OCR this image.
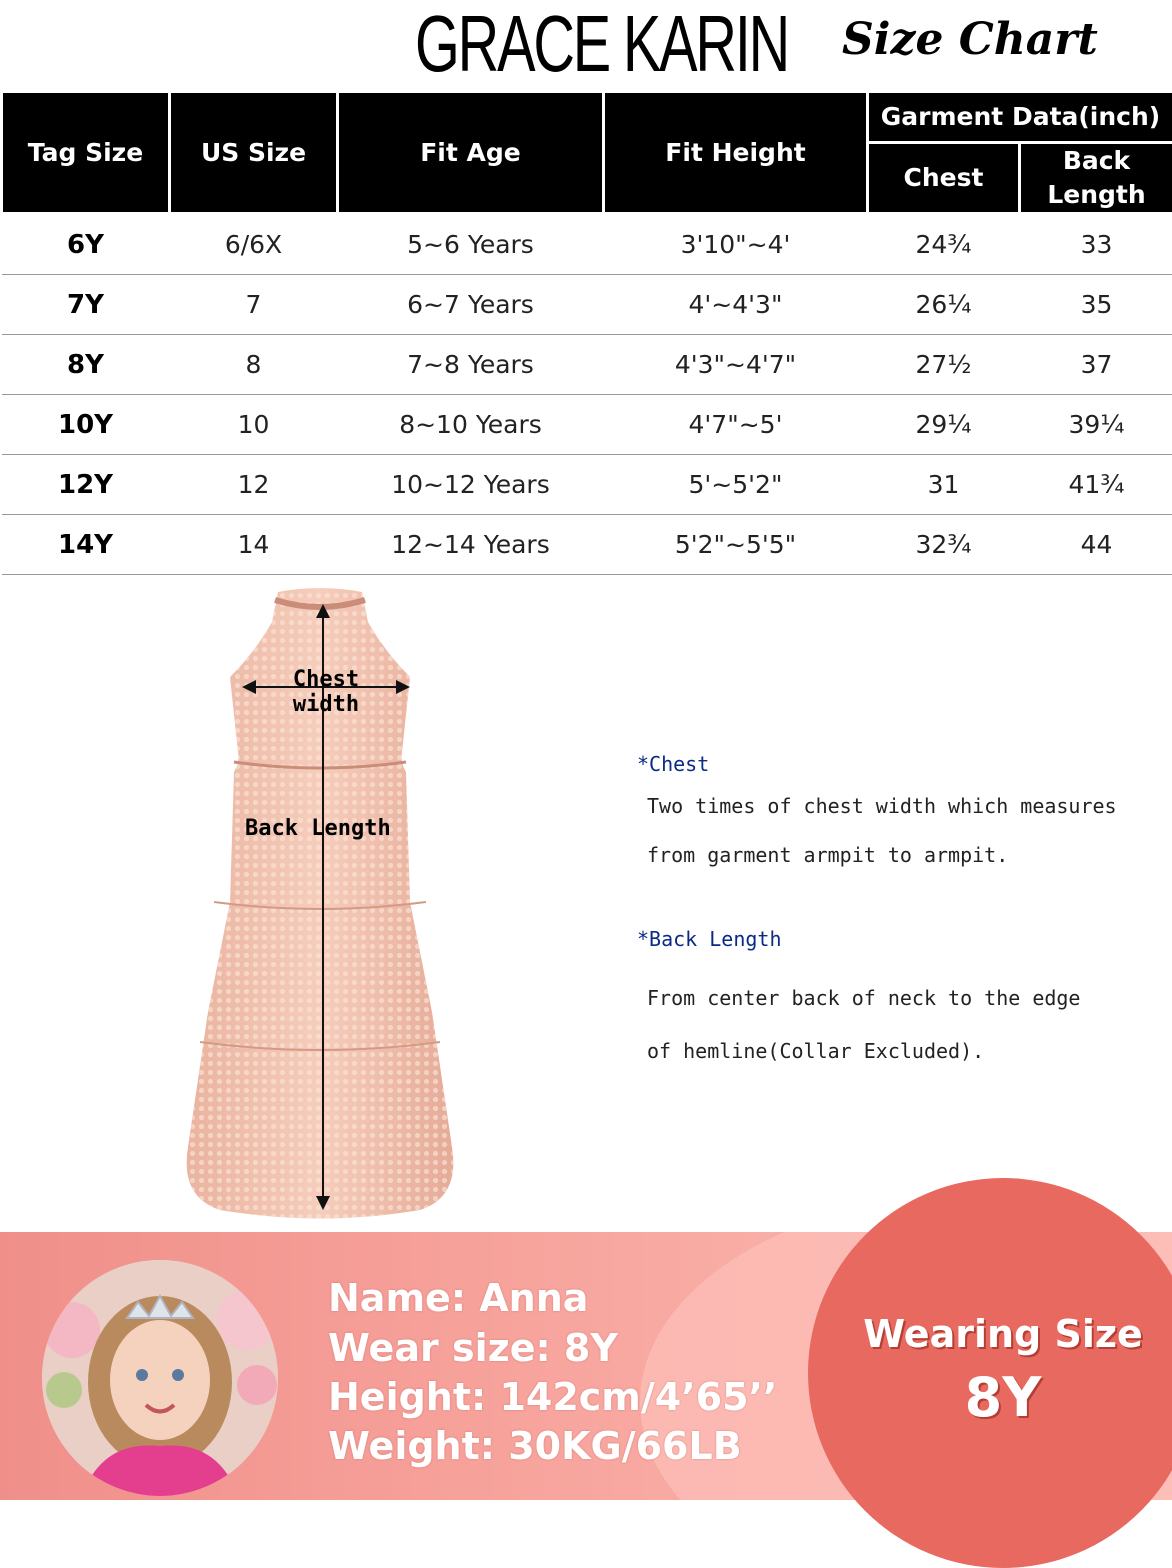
GRACE KARIN Size Chart
Tag Size	US Size	Fit Age	Fit Height	Garment Data(inch)	
				Chest	Back Length
6Y	6/6X	5~6 Years	3'10"~4'	24¾	33
7Y	7	6~7 Years	4'~4'3"	26¼	35
8Y	8	7~8 Years	4'3"~4'7"	27½	37
10Y	10	8~10 Years	4'7"~5'	29¼	39¼
12Y	12	10~12 Years	5'~5'2"	31	41¾
14Y	14	12~14 Years	5'2"~5'5"	32¾	44
Chest
width
Back Length
*Chest
Two times of chest width which measures
from garment armpit to armpit.
*Back Length
From center back of neck to the edge
of hemline(Collar Excluded).
Name: Anna
Wear size: 8Y
Height: 142cm/4’65’’
Weight: 30KG/66LB
Wearing Size
8Y
